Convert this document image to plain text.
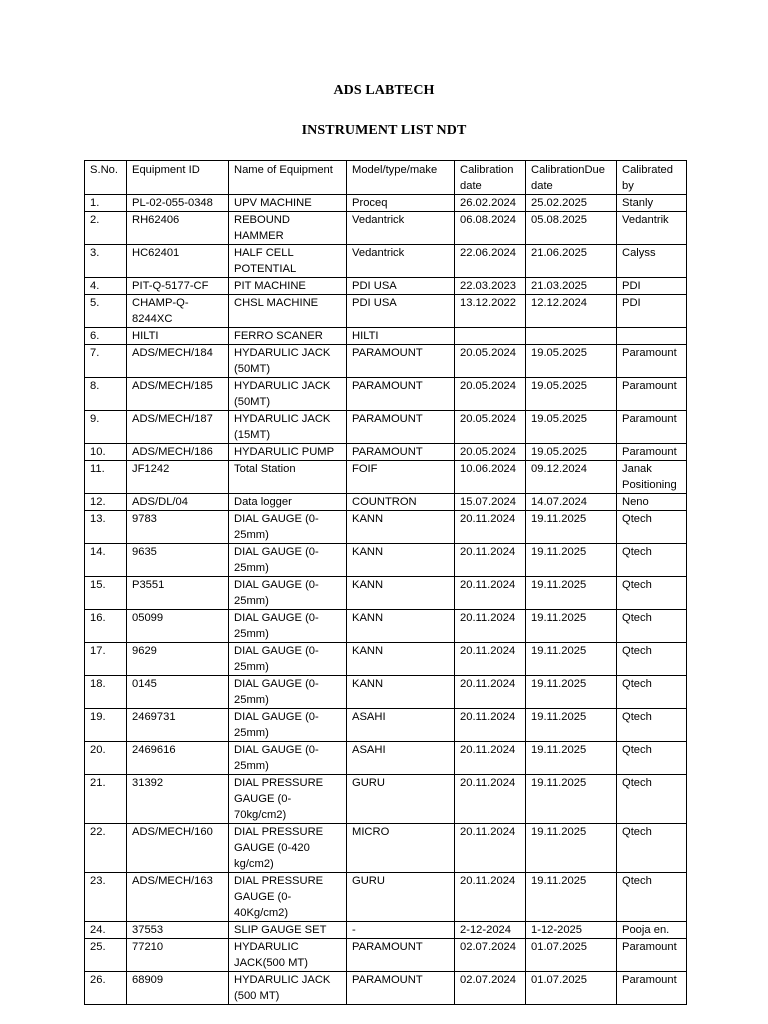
ADS LABTECH
INSTRUMENT LIST NDT
S.No.	Equipment ID	Name of Equipment	Model/type/make	Calibration date	CalibrationDue date	Calibrated by
1.	PL-02-055-0348	UPV MACHINE	Proceq	26.02.2024	25.02.2025	Stanly
2.	RH62406	REBOUND HAMMER	Vedantrick	06.08.2024	05.08.2025	Vedantrik
3.	HC62401	HALF CELL POTENTIAL	Vedantrick	22.06.2024	21.06.2025	Calyss
4.	PIT-Q-5177-CF	PIT MACHINE	PDI USA	22.03.2023	21.03.2025	PDI
5.	CHAMP-Q-8244XC	CHSL MACHINE	PDI USA	13.12.2022	12.12.2024	PDI
6.	HILTI	FERRO SCANER	HILTI			
7.	ADS/MECH/184	HYDARULIC JACK (50MT)	PARAMOUNT	20.05.2024	19.05.2025	Paramount
8.	ADS/MECH/185	HYDARULIC JACK (50MT)	PARAMOUNT	20.05.2024	19.05.2025	Paramount
9.	ADS/MECH/187	HYDARULIC JACK (15MT)	PARAMOUNT	20.05.2024	19.05.2025	Paramount
10.	ADS/MECH/186	HYDARULIC PUMP	PARAMOUNT	20.05.2024	19.05.2025	Paramount
11.	JF1242	Total Station	FOIF	10.06.2024	09.12.2024	Janak Positioning
12.	ADS/DL/04	Data logger	COUNTRON	15.07.2024	14.07.2024	Neno
13.	9783	DIAL GAUGE (0-25mm)	KANN	20.11.2024	19.11.2025	Qtech
14.	9635	DIAL GAUGE (0-25mm)	KANN	20.11.2024	19.11.2025	Qtech
15.	P3551	DIAL GAUGE (0-25mm)	KANN	20.11.2024	19.11.2025	Qtech
16.	05099	DIAL GAUGE (0-25mm)	KANN	20.11.2024	19.11.2025	Qtech
17.	9629	DIAL GAUGE (0-25mm)	KANN	20.11.2024	19.11.2025	Qtech
18.	0145	DIAL GAUGE (0-25mm)	KANN	20.11.2024	19.11.2025	Qtech
19.	2469731	DIAL GAUGE (0-25mm)	ASAHI	20.11.2024	19.11.2025	Qtech
20.	2469616	DIAL GAUGE (0-25mm)	ASAHI	20.11.2024	19.11.2025	Qtech
21.	31392	DIAL PRESSURE GAUGE (0-70kg/cm2)	GURU	20.11.2024	19.11.2025	Qtech
22.	ADS/MECH/160	DIAL PRESSURE GAUGE (0-420 kg/cm2)	MICRO	20.11.2024	19.11.2025	Qtech
23.	ADS/MECH/163	DIAL PRESSURE GAUGE (0-40Kg/cm2)	GURU	20.11.2024	19.11.2025	Qtech
24.	37553	SLIP GAUGE SET	-	2-12-2024	1-12-2025	Pooja en.
25.	77210	HYDARULIC JACK(500 MT)	PARAMOUNT	02.07.2024	01.07.2025	Paramount
26.	68909	HYDARULIC JACK (500 MT)	PARAMOUNT	02.07.2024	01.07.2025	Paramount
